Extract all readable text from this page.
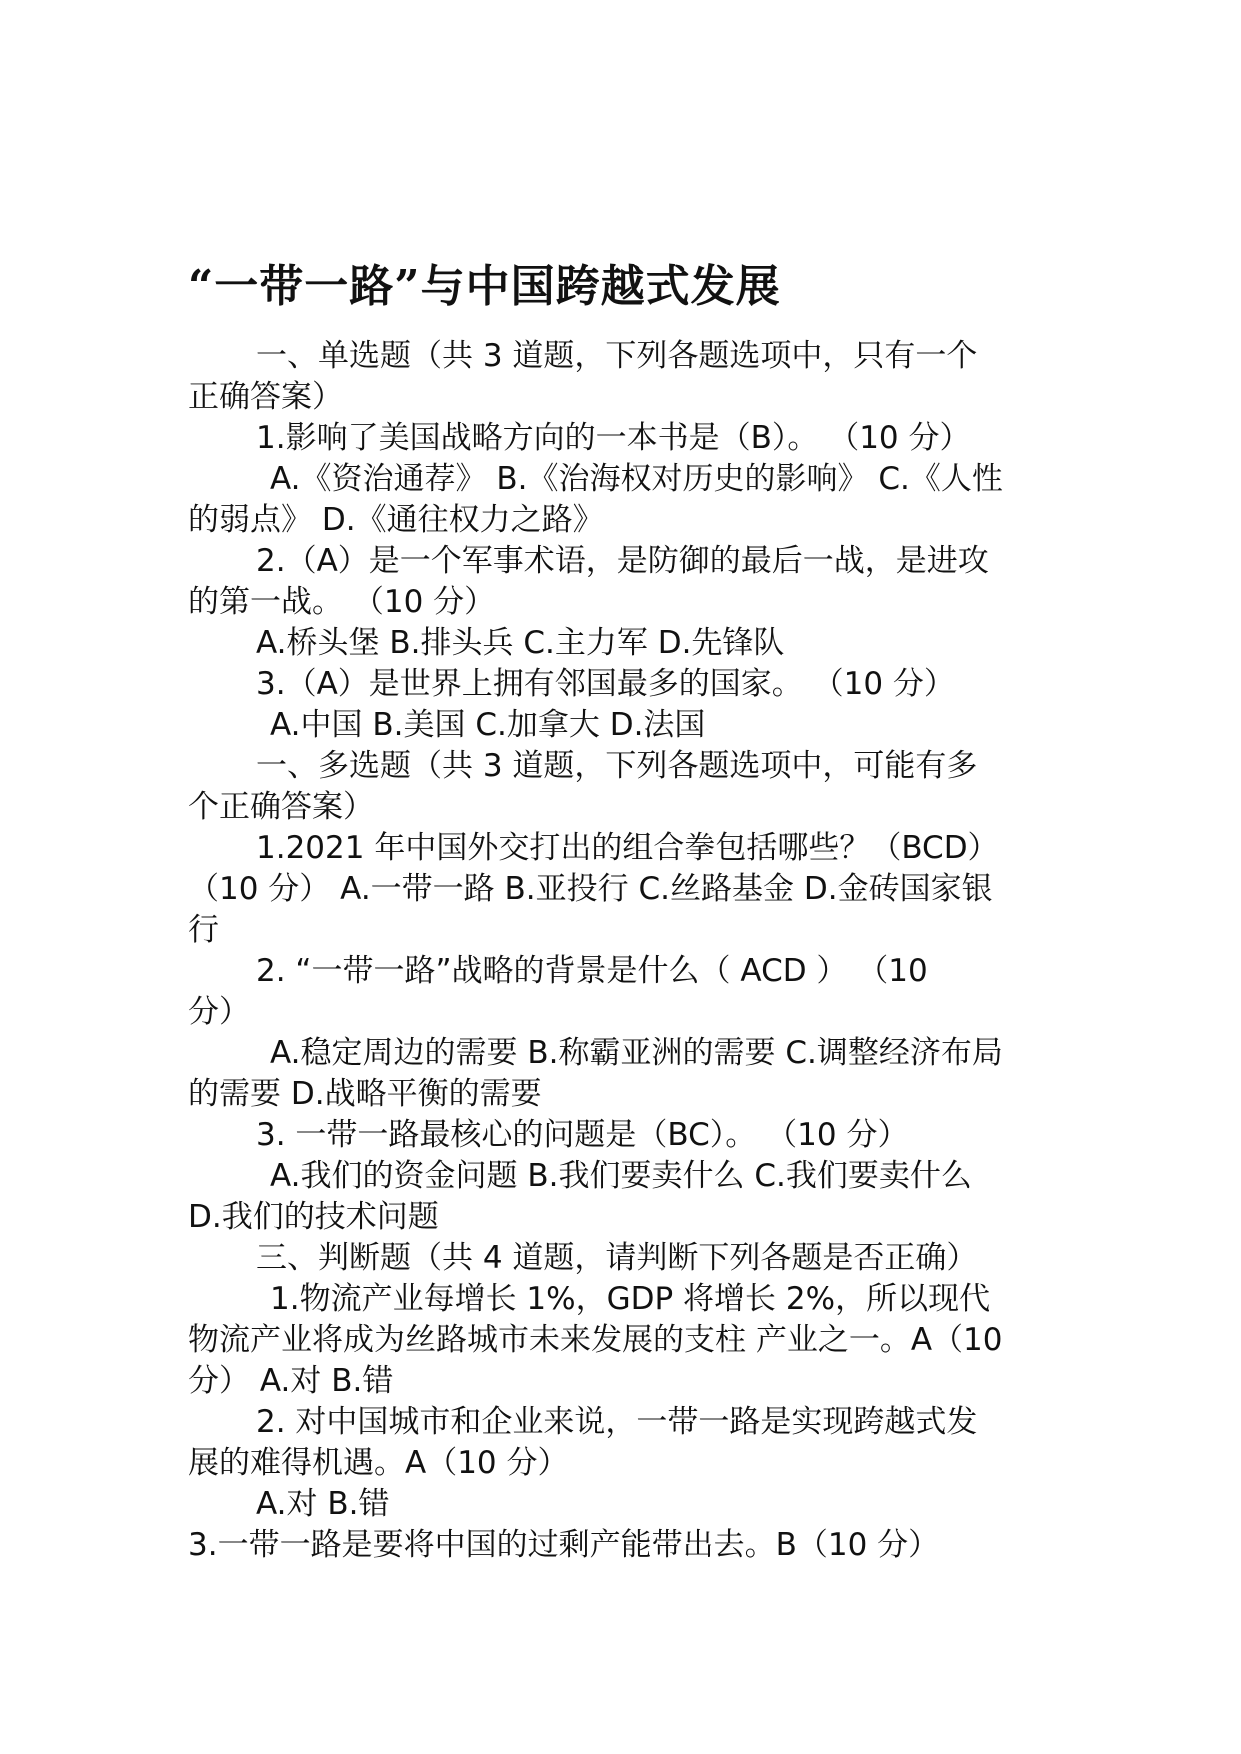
“一带一路”与中国跨越式发展
一、单选题（共 3 道题，下列各题选项中，只有一个
正确答案）
1.影响了美国战略方向的一本书是（B）。 （10 分）
A.《资治通荐》 B.《治海权对历史的影响》 C.《人性
的弱点》 D.《通往权力之路》
2.（A）是一个军事术语，是防御的最后一战，是进攻
的第一战。 （10 分）
A.桥头堡 B.排头兵 C.主力军 D.先锋队
3.（A）是世界上拥有邻国最多的国家。 （10 分）
A.中国 B.美国 C.加拿大 D.法国
一、多选题（共 3 道题，下列各题选项中，可能有多
个正确答案）
1.2021 年中国外交打出的组合拳包括哪些？（BCD）
（10 分） A.一带一路 B.亚投行 C.丝路基金 D.金砖国家银
行
2. “一带一路”战略的背景是什么（ ACD ） （10
分）
A.稳定周边的需要 B.称霸亚洲的需要 C.调整经济布局
的需要 D.战略平衡的需要
3. 一带一路最核心的问题是（BC）。 （10 分）
A.我们的资金问题 B.我们要卖什么 C.我们要卖什么
D.我们的技术问题
三、判断题（共 4 道题，请判断下列各题是否正确）
1.物流产业每增长 1%，GDP 将增长 2%，所以现代
物流产业将成为丝路城市未来发展的支柱 产业之一。A（10
分） A.对 B.错
2. 对中国城市和企业来说，一带一路是实现跨越式发
展的难得机遇。A（10 分）
A.对 B.错
3.一带一路是要将中国的过剩产能带出去。B（10 分）
